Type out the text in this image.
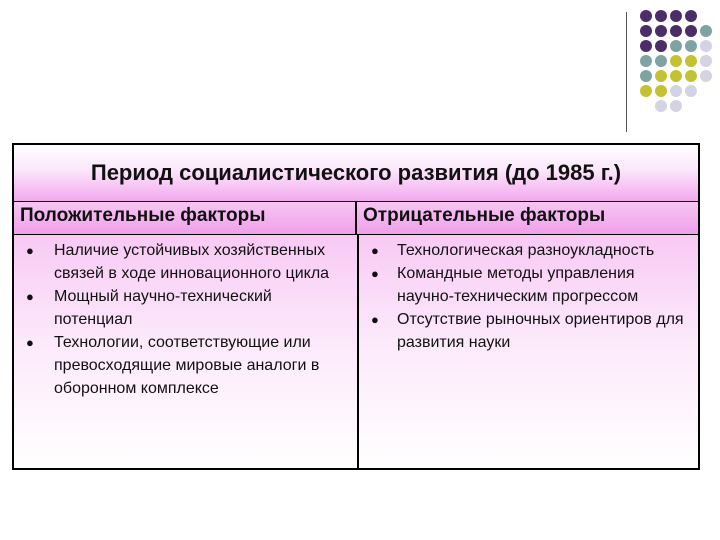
Период социалистического развития (до 1985 г.)
Положительные факторы	Отрицательные факторы
● Наличие устойчивых хозяйственных связей в ходе инновационного цикла
● Мощный научно-технический потенциал
● Технологии, соответствующие или превосходящие мировые аналоги в оборонном комплексе
● Технологическая разноукладность
● Командные методы управления научно-техническим прогрессом
● Отсутствие рыночных ориентиров для развития науки
